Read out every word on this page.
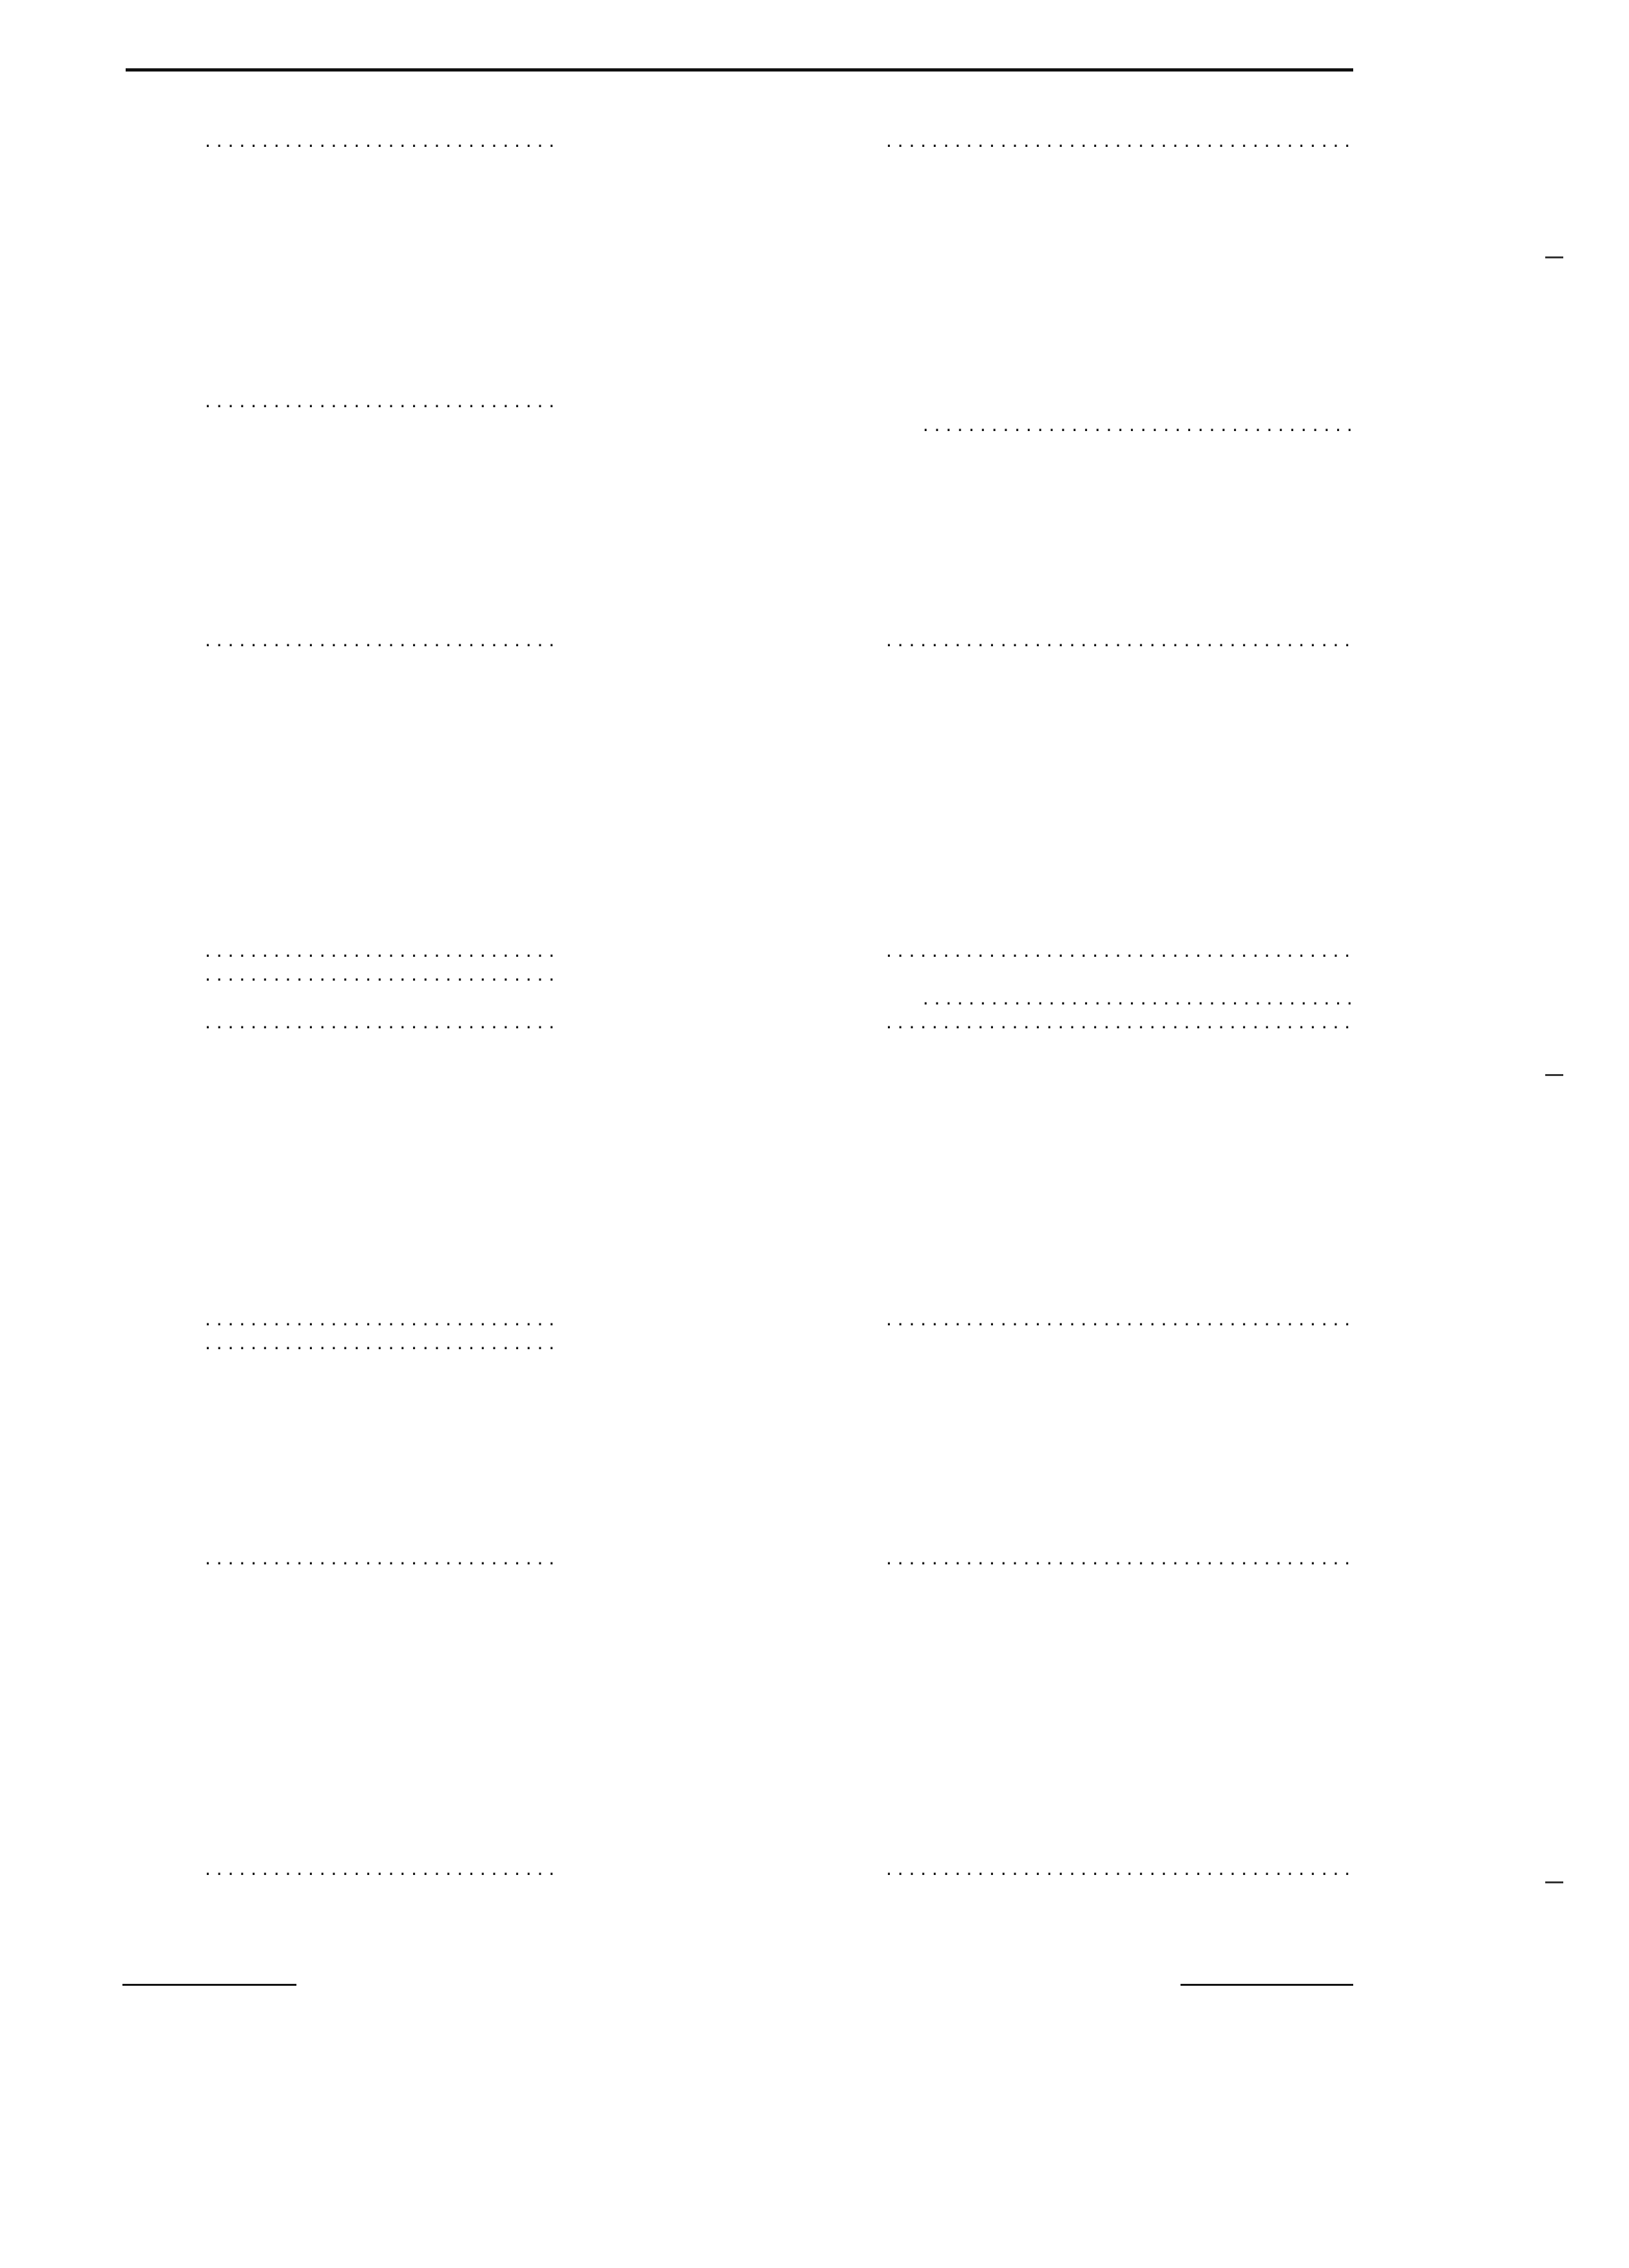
. . .
. . .
. . .
. . .
. . .
. . .
. . .
. . .
. . .
. . .
. . .
. . .
. . .
. . .
. . .
. . .
. . .
. . .
. . .
